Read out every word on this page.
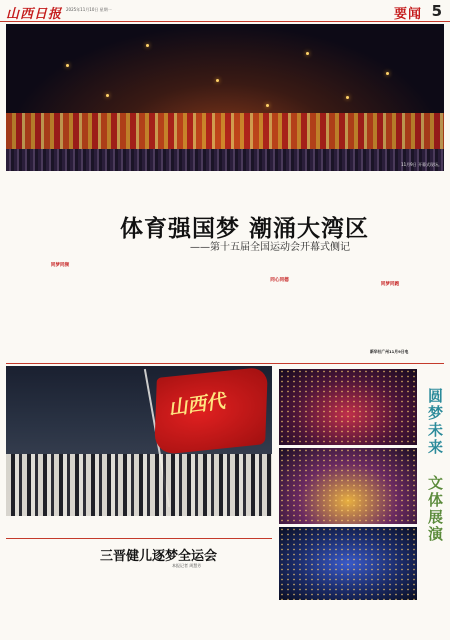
山西日报 2025年11月10日 星期一	要闻 5
11月9日 开幕式现场。
体育强国梦 潮涌大湾区
——第十五届全国运动会开幕式侧记

同梦同频

同心同德

同梦同跑

新华社广州11月9日电
山西代
三晋健儿逐梦全运会
本报记者 周慧芳
圆梦未来
文体展演
